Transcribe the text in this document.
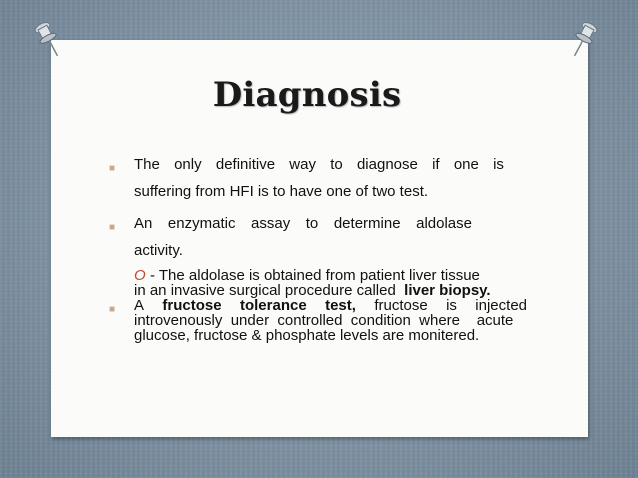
Diagnosis
■ The only definitive way to diagnose if one is
suffering from HFI is to have one of two test.
■ An enzymatic assay to determine aldolase
activity.
O - The aldolase is obtained from patient liver tissue
in an invasive surgical procedure called  liver biopsy.
■ A fructose tolerance test, fructose is injected
introvenously  under  controlled  condition  where    acute
glucose, fructose & phosphate levels are monitered.
